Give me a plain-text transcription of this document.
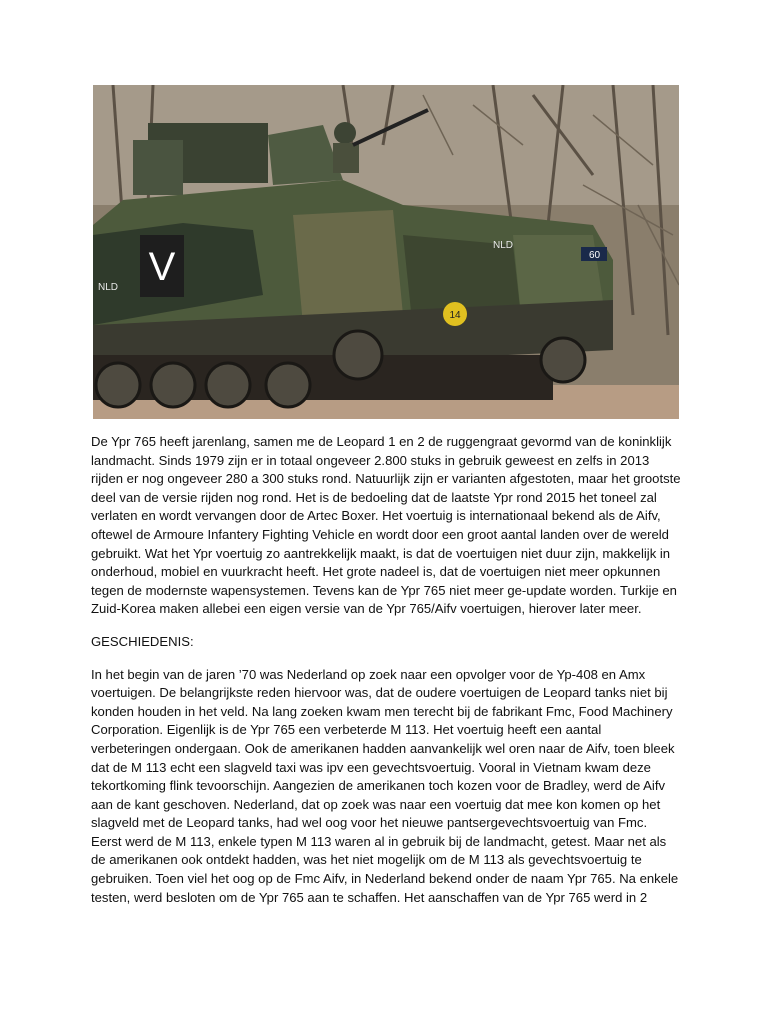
V
NLD
NLD
60
14

De Ypr 765 heeft jarenlang, samen me de Leopard 1 en 2 de ruggengraat gevormd van de koninklijk landmacht. Sinds 1979 zijn er in totaal ongeveer 2.800 stuks in gebruik geweest en zelfs in 2013 rijden er nog ongeveer 280 a 300 stuks rond. Natuurlijk zijn er varianten afgestoten, maar het grootste deel van de versie rijden nog rond. Het is de bedoeling dat de laatste Ypr rond 2015 het toneel zal verlaten en wordt vervangen door de Artec Boxer. Het voertuig is internationaal bekend als de Aifv, oftewel de Armoure Infantery Fighting Vehicle en wordt door een groot aantal landen over de wereld gebruikt. Wat het Ypr voertuig zo aantrekkelijk maakt, is dat de voertuigen niet duur zijn, makkelijk in onderhoud, mobiel en vuurkracht heeft. Het grote nadeel is, dat de voertuigen niet meer opkunnen tegen de modernste wapensystemen. Tevens kan de Ypr 765 niet meer ge-update worden. Turkije en Zuid-Korea maken allebei een eigen versie van de Ypr 765/Aifv voertuigen, hierover later meer.

GESCHIEDENIS:

In het begin van de jaren ’70 was Nederland op zoek naar een opvolger voor de Yp-408 en Amx voertuigen. De belangrijkste reden hiervoor was, dat de oudere voertuigen de Leopard tanks niet bij konden houden in het veld. Na lang zoeken kwam men terecht bij de fabrikant Fmc, Food Machinery Corporation. Eigenlijk is de Ypr 765 een verbeterde M 113. Het voertuig heeft een aantal verbeteringen ondergaan. Ook de amerikanen hadden aanvankelijk wel oren naar de Aifv, toen bleek dat de M 113 echt een slagveld taxi was ipv een gevechtsvoertuig. Vooral in Vietnam kwam deze tekortkoming flink tevoorschijn. Aangezien de amerikanen toch kozen voor de Bradley, werd de Aifv aan de kant geschoven. Nederland, dat op zoek was naar een voertuig dat mee kon komen op het slagveld met de Leopard tanks, had wel oog voor het nieuwe pantsergevechtsvoertuig van Fmc. Eerst werd de M 113, enkele typen M 113 waren al in gebruik bij de landmacht, getest. Maar net als de amerikanen ook ontdekt hadden, was het niet mogelijk om de M 113 als gevechtsvoertuig te gebruiken. Toen viel het oog op de Fmc Aifv, in Nederland bekend onder de naam Ypr 765. Na enkele testen, werd besloten om de Ypr 765 aan te schaffen. Het aanschaffen van de Ypr 765 werd in 2
